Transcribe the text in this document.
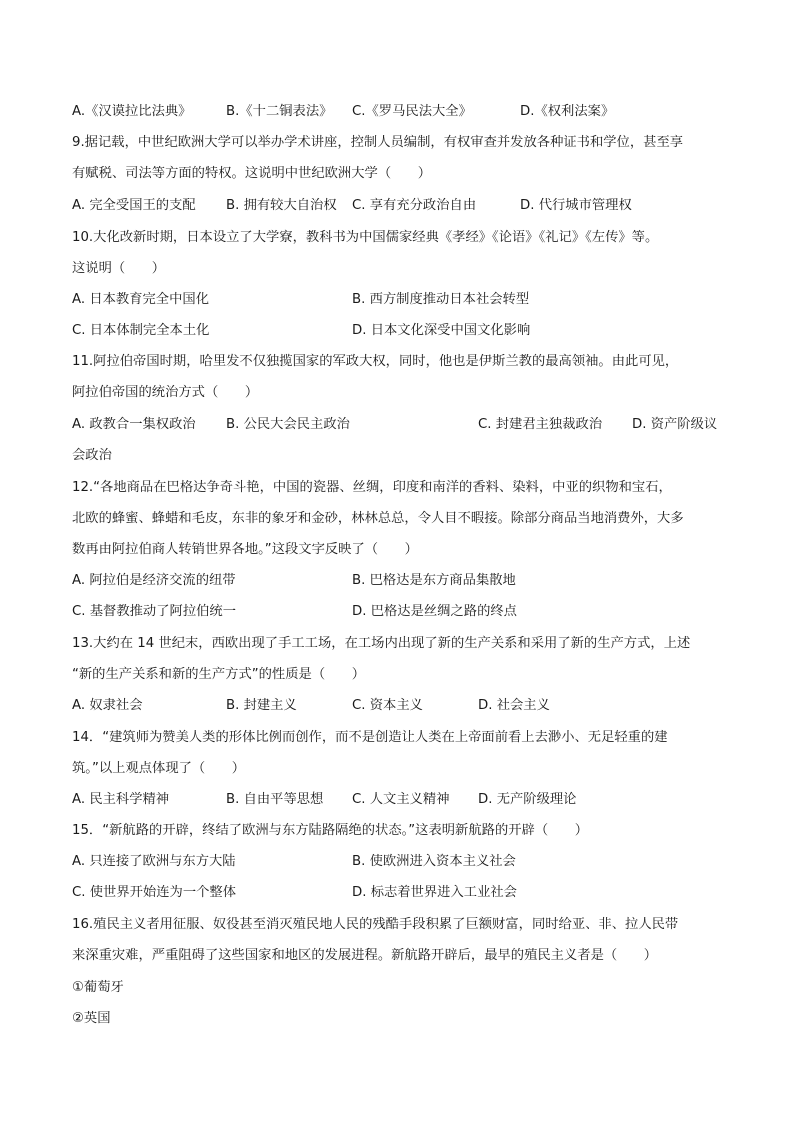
A.《汉谟拉比法典》	B.《十二铜表法》 C.《罗马民法大全》	D.《权利法案》
9.据记载，中世纪欧洲大学可以举办学术讲座，控制人员编制，有权审查并发放各种证书和学位，甚至享
有赋税、司法等方面的特权。这说明中世纪欧洲大学（　　）
A. 完全受国王的支配 B. 拥有较大自治权 C. 享有充分政治自由	D. 代行城市管理权
10.大化改新时期，日本设立了大学寮，教科书为中国儒家经典《孝经》《论语》《礼记》《左传》等。
这说明（　　）
A. 日本教育完全中国化	B. 西方制度推动日本社会转型
C. 日本体制完全本土化	D. 日本文化深受中国文化影响
11.阿拉伯帝国时期，哈里发不仅独揽国家的军政大权，同时，他也是伊斯兰教的最高领袖。由此可见，
阿拉伯帝国的统治方式（　　）
A. 政教合一集权政治 B. 公民大会民主政治	C. 封建君主独裁政治 D. 资产阶级议
会政治
12.“各地商品在巴格达争奇斗艳，中国的瓷器、丝绸，印度和南洋的香料、染料，中亚的织物和宝石，
北欧的蜂蜜、蜂蜡和毛皮，东非的象牙和金砂，林林总总，令人目不暇接。除部分商品当地消费外，大多
数再由阿拉伯商人转销世界各地。”这段文字反映了（　　）
A. 阿拉伯是经济交流的纽带	B. 巴格达是东方商品集散地
C. 基督教推动了阿拉伯统一	D. 巴格达是丝绸之路的终点
13.大约在 14 世纪末，西欧出现了手工工场，在工场内出现了新的生产关系和采用了新的生产方式，上述
“新的生产关系和新的生产方式”的性质是（　　）
A. 奴隶社会	B. 封建主义	C. 资本主义	D. 社会主义
14．“建筑师为赞美人类的形体比例而创作，而不是创造让人类在上帝面前看上去渺小、无足轻重的建
筑。”以上观点体现了（　　）
A. 民主科学精神	B. 自由平等思想 C. 人文主义精神 D. 无产阶级理论
15．“新航路的开辟，终结了欧洲与东方陆路隔绝的状态。”这表明新航路的开辟（　　）
A. 只连接了欧洲与东方大陆	B. 使欧洲进入资本主义社会
C. 使世界开始连为一个整体	D. 标志着世界进入工业社会
16.殖民主义者用征服、奴役甚至消灭殖民地人民的残酷手段积累了巨额财富，同时给亚、非、拉人民带
来深重灾难，严重阻碍了这些国家和地区的发展进程。新航路开辟后，最早的殖民主义者是（　　）
①葡萄牙
②英国
